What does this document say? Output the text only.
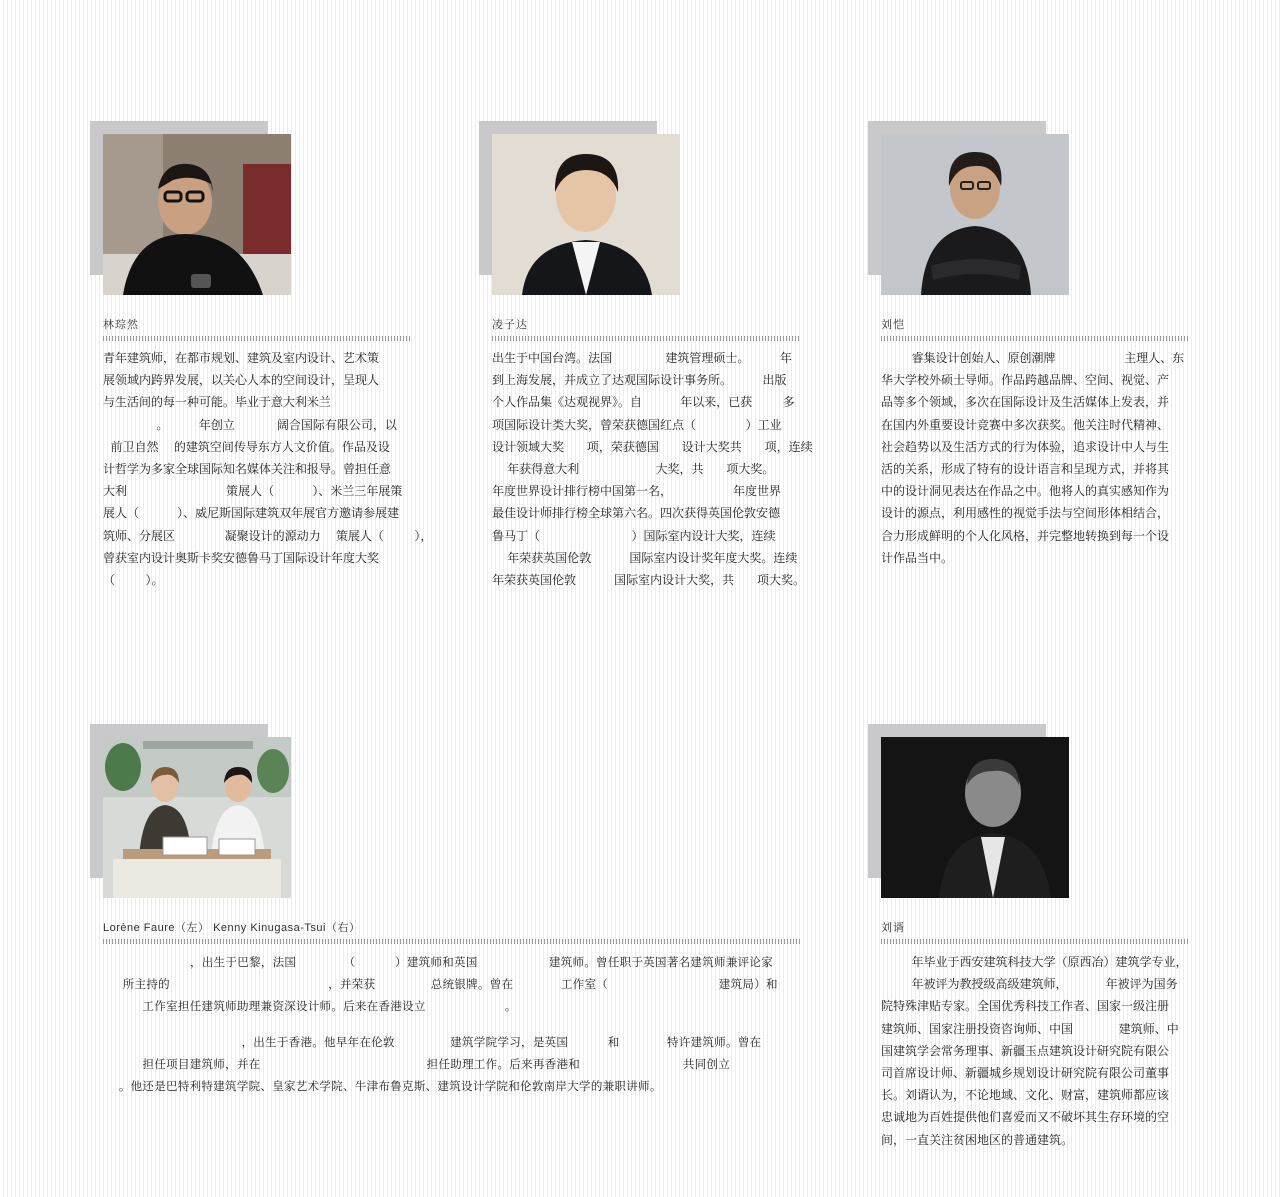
林琮然
青年建筑师，在都市规划、建筑及室内设计、艺术策
展领域内跨界发展，以关心人本的空间设计，呈现人
与生活间的每一种可能。毕业于意大利米兰
。        年创立           阔合国际有限公司，以
前卫自然    的建筑空间传导东方人文价值。作品及设
计哲学为多家全球国际知名媒体关注和报导。曾担任意
大利                          策展人（          ）、米兰三年展策
展人（          ）、威尼斯国际建筑双年展官方邀请参展建
筑师、分展区             凝聚设计的源动力    策展人（        ），
曾获室内设计奥斯卡奖安德鲁马丁国际设计年度大奖
（        ）。
凌子达
出生于中国台湾。法国              建筑管理硕士。        年
到上海发展，并成立了达观国际设计事务所。        出版
个人作品集《达观视界》。自          年以来，已获        多
项国际设计类大奖，曾荣获德国红点（             ）工业
设计领域大奖      项，荣获德国      设计大奖共      项，连续
年获得意大利                    大奖，共      项大奖。
年度世界设计排行榜中国第一名，                年度世界
最佳设计师排行榜全球第六名。四次获得英国伦敦安德
鲁马丁（                        ）国际室内设计大奖，连续
年荣获英国伦敦          国际室内设计奖年度大奖。连续
年荣获英国伦敦          国际室内设计大奖，共      项大奖。
刘恺
睿集设计创始人、原创潮牌                  主理人、东
华大学校外硕士导师。作品跨越品牌、空间、视觉、产
品等多个领域，多次在国际设计及生活媒体上发表，并
在国内外重要设计竞赛中多次获奖。他关注时代精神、
社会趋势以及生活方式的行为体验，追求设计中人与生
活的关系，形成了特有的设计语言和呈现方式，并将其
中的设计洞见表达在作品之中。他将人的真实感知作为
设计的源点，利用感性的视觉手法与空间形体相结合，
合力形成鲜明的个人化风格，并完整地转换到每一个设
计作品当中。
Lorène Faure（左） Kenny Kinugasa-Tsui（右）
，出生于巴黎，法国            （          ）建筑师和英国                  建筑师。曾任职于英国著名建筑师兼评论家
所主持的                                        ，并荣获              总统银牌。曾在            工作室（                            建筑局）和
工作室担任建筑师助理兼资深设计师。后来在香港设立                    。
，出生于香港。他早年在伦敦              建筑学院学习，是英国          和            特许建筑师。曾在
担任项目建筑师，并在                                          担任助理工作。后来再香港和                          共同创立
。他还是巴特利特建筑学院、皇家艺术学院、牛津布鲁克斯、建筑设计学院和伦敦南岸大学的兼职讲师。
刘谞
年毕业于西安建筑科技大学（原西冶）建筑学专业，
年被评为教授级高级建筑师，          年被评为国务
院特殊津贴专家。全国优秀科技工作者、国家一级注册
建筑师、国家注册投资咨询师、中国            建筑师、中
国建筑学会常务理事、新疆玉点建筑设计研究院有限公
司首席设计师、新疆城乡规划设计研究院有限公司董事
长。刘谞认为，不论地域、文化、财富，建筑师都应该
忠诚地为百姓提供他们喜爱而又不破坏其生存环境的空
间，一直关注贫困地区的普通建筑。
